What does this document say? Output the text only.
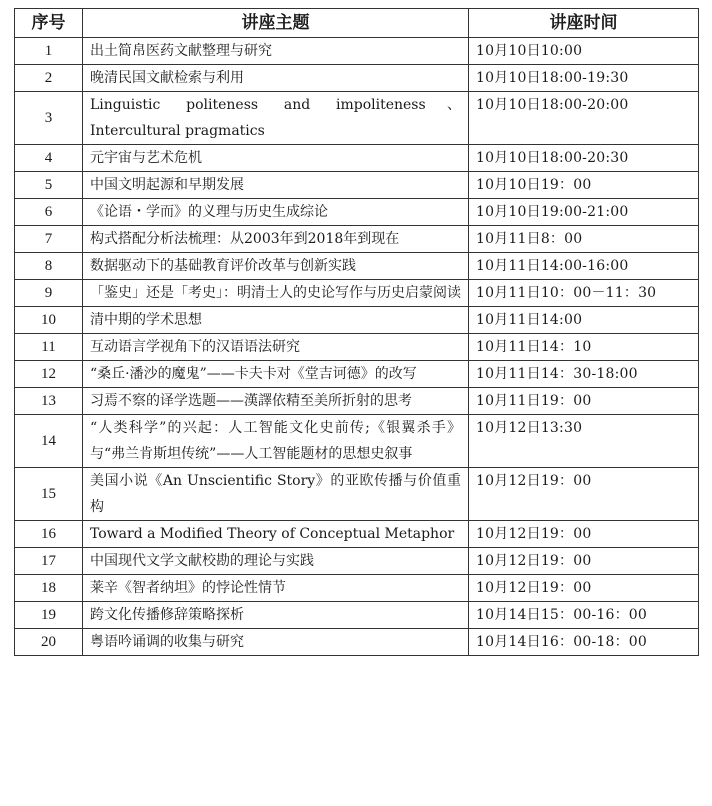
序号	讲座主题	讲座时间
1	出土简帛医药文献整理与研究	10月10日10:00
2	晚清民国文献检索与利用	10月10日18:00-19:30
3	Linguistic politeness and impoliteness、Intercultural pragmatics	10月10日18:00-20:00
4	元宇宙与艺术危机	10月10日18:00-20:30
5	中国文明起源和早期发展	10月10日19：00
6	《论语・学而》的义理与历史生成综论	10月10日19:00-21:00
7	构式搭配分析法梳理：从2003年到2018年到现在	10月11日8：00
8	数据驱动下的基础教育评价改革与创新实践	10月11日14:00-16:00
9	「鉴史」还是「考史」：明清士人的史论写作与历史启蒙阅读	10月11日10：00－11：30
10	清中期的学术思想	10月11日14:00
11	互动语言学视角下的汉语语法研究	10月11日14：10
12	“桑丘·潘沙的魔鬼”——卡夫卡对《堂吉诃德》的改写	10月11日14：30-18:00
13	习焉不察的译学选题——漢譯依精至美所折射的思考	10月11日19：00
14	“人类科学”的兴起：人工智能文化史前传;《银翼杀手》与“弗兰肯斯坦传统”——人工智能题材的思想史叙事	10月12日13:30
15	美国小说《An Unscientific Story》的亚欧传播与价值重构	10月12日19：00
16	Toward a Modified Theory of Conceptual Metaphor	10月12日19：00
17	中国现代文学文献校勘的理论与实践	10月12日19：00
18	莱辛《智者纳坦》的悖论性情节	10月12日19：00
19	跨文化传播修辞策略探析	10月14日15：00-16：00
20	粤语吟诵调的收集与研究	10月14日16：00-18：00
